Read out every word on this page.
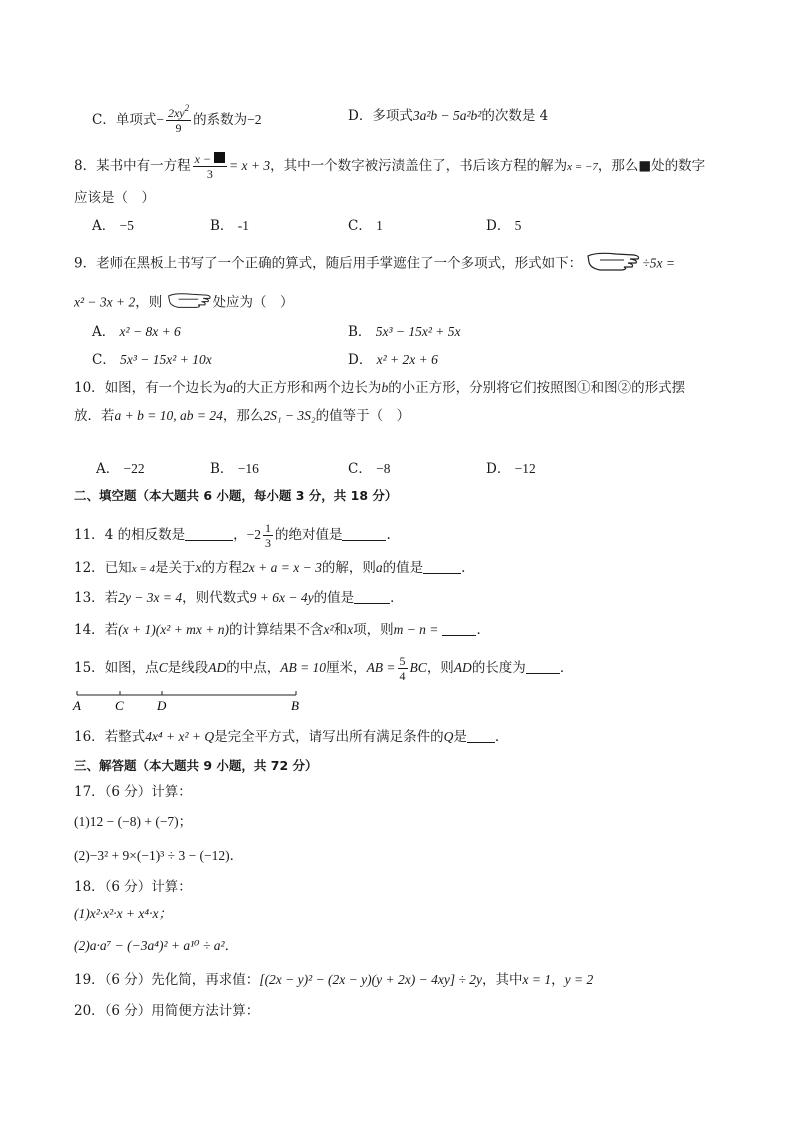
C．单项式− $\frac{2xy^2}{9}$ 的系数为−2	D．多项式3a²b − 5a²b²的次数是 4
8．某书中有一方程 $\frac{x -}{3} = x + 3$，其中一个数字被污渍盖住了，书后该方程的解为x = −7，那么■处的数字
应该是（　）
A． −5	B． -1	C． 1	D． 5
9．老师在黑板上书写了一个正确的算式，随后用手掌遮住了一个多项式，形式如下：	÷5x =
x² − 3x + 2，则	处应为（　）
A． x² − 8x + 6	B． 5x³ − 15x² + 5x
C． 5x³ − 15x² + 10x	D． x² + 2x + 6
10．如图，有一个边长为a的大正方形和两个边长为b的小正方形，分别将它们按照图①和图②的形式摆
放．若a + b = 10, ab = 24，那么2S₁ − 3S₂的值等于（　）
A． −22	B． −16	C． −8	D． −12
二、填空题（本大题共 6 小题，每小题 3 分，共 18 分）
11．4 的相反数是	，$-2 \frac{1}{3}$ 的绝对值是	.
12．已知x = 4是关于x的方程2x + a = x − 3的解，则a的值是	.
13．若2y − 3x = 4，则代数式9 + 6x − 4y的值是	．
14．若(x + 1)(x² + mx + n)的计算结果不含x²和x项，则m − n =	．
15．如图，点C是线段AD的中点，AB = 10厘米，AB = $\frac{5}{4}$ BC，则AD的长度为	．
A	C	D	B
16．若整式4x⁴ + x² + Q是完全平方式，请写出所有满足条件的Q是 ．
三、解答题（本大题共 9 小题，共 72 分）
17．（6 分）计算：
(1)12 − (−8) + (−7)；
(2)−3² + 9×(−1)³ ÷ 3 − (−12)．
18．（6 分）计算：
(1)x²·x²·x + x⁴·x；
(2)a·a⁷ − (−3a⁴)² + a¹⁰ ÷ a²．
19．（6 分）先化简，再求值：[(2x − y)² − (2x − y)(y + 2x) − 4xy] ÷ 2y，其中x = 1，y = 2
20．（6 分）用简便方法计算：
